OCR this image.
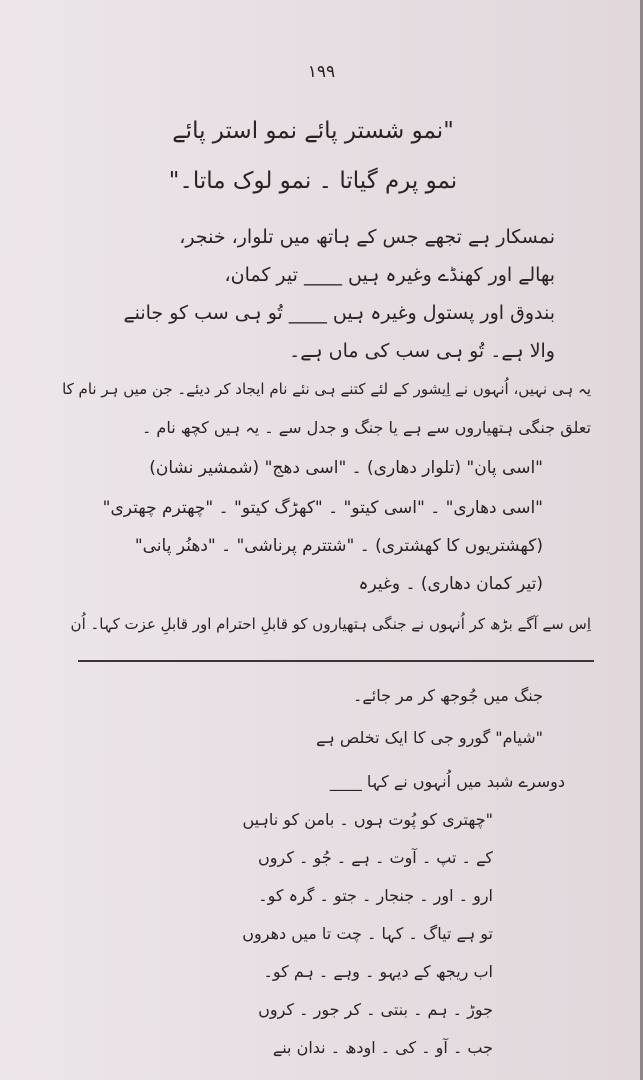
۱۹۹
"نمو شستر پائے نمو استر پائے
نمو پرم گیاتا ۔ نمو لوک ماتا۔"
نمسکار ہے تجھے جس کے ہاتھ میں تلوار، خنجر،
بھالے اور کھنڈے وغیرہ ہیں ____ تیر کمان،
بندوق اور پستول وغیرہ ہیں ____ تُو ہی سب کو جاننے
والا ہے۔ تُو ہی سب کی ماں ہے۔
یہ ہی نہیں، اُنہوں نے اِیشور کے لئے کتنے ہی نئے نام ایجاد کر دیئے۔ جن میں ہر نام کا
تعلق جنگی ہتھیاروں سے ہے یا جنگ و جدل سے ۔ یہ ہیں کچھ نام ۔
"اسی پان" (تلوار دھاری) ۔ "اسی دھج" (شمشیر نشان)
"اسی دھاری" ۔ "اسی کیتو" ۔ "کھڑگ کیتو" ۔ "چھترم چھتری"
(کھشتریوں کا کھشتری) ۔ "شتترم پرناشی" ۔ "دھنُر پانی"
(تیر کمان دھاری) ۔ وغیرہ
اِس سے آگے بڑھ کر اُنہوں نے جنگی ہتھیاروں کو قابلِ احترام اور قابلِ عزت کہا۔ اُن
جنگ میں جُوجھ کر مر جائے۔
"شیام" گورو جی کا ایک تخلص ہے
دوسرے شبد میں اُنہوں نے کہا ____
"چھتری کو پُوت ہوں ۔ بامن کو ناہیں
کے ۔ تپ ۔ آوت ۔ ہے ۔ جُو ۔ کروں
ارو ۔ اور ۔ جنجار ۔ جتو ۔ گرہ کو۔
تو ہے تیاگ ۔ کہا ۔ چت تا میں دھروں
اب ریجھ کے دیہو ۔ وہے ۔ ہم کو۔
جوڑ ۔ ہم ۔ بنتی ۔ کر جور ۔ کروں
جب ۔ آو ۔ کی ۔ اودھ ۔ ندان بنے
